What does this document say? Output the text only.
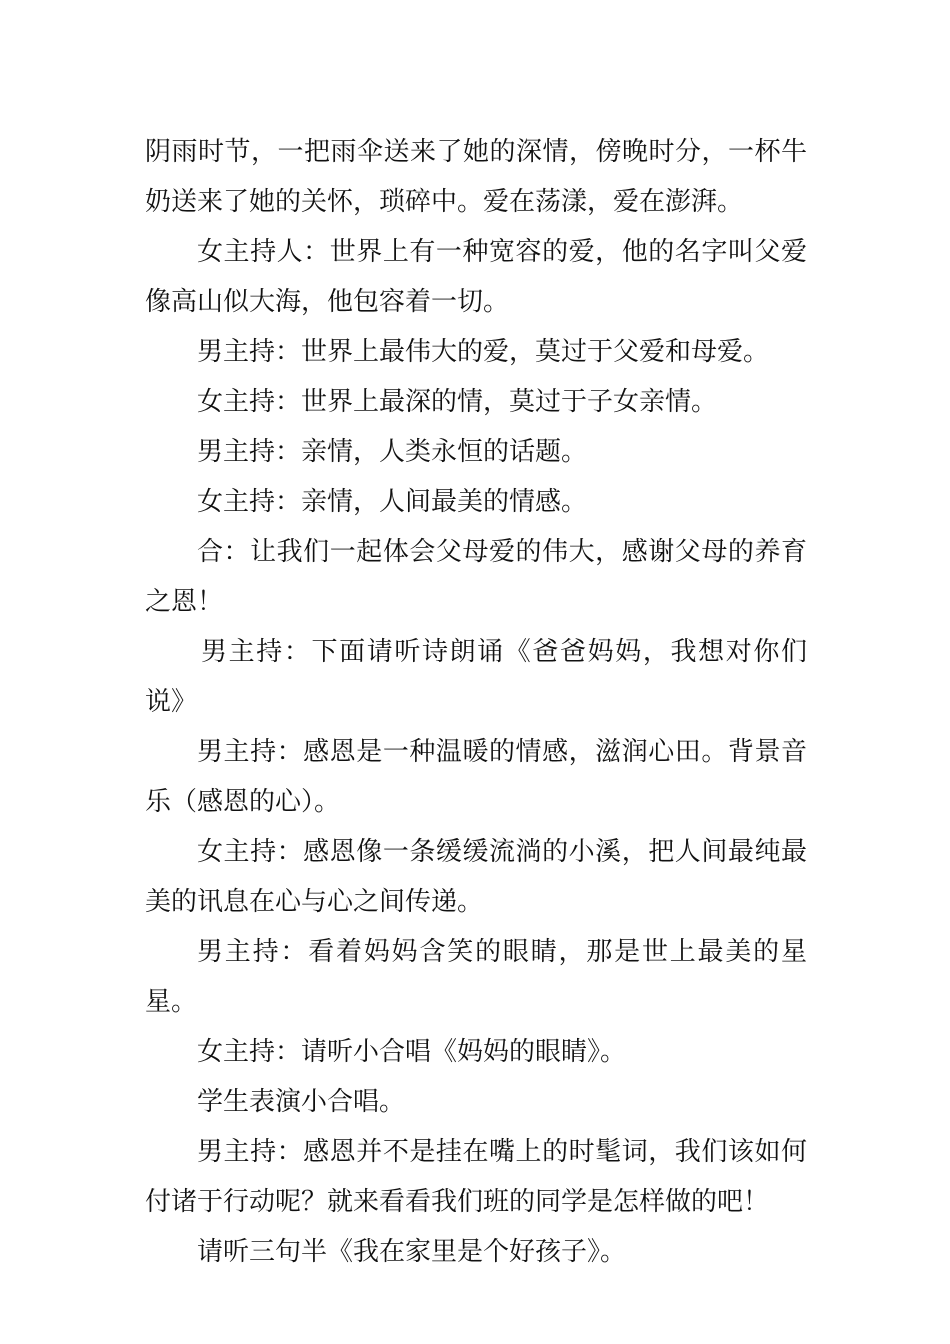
阴雨时节，一把雨伞送来了她的深情，傍晚时分，一杯牛奶送来了她的关怀，琐碎中。爱在荡漾，爱在澎湃。

女主持人：世界上有一种宽容的爱，他的名字叫父爱像高山似大海，他包容着一切。

男主持：世界上最伟大的爱，莫过于父爱和母爱。

女主持：世界上最深的情，莫过于子女亲情。

男主持：亲情，人类永恒的话题。

女主持：亲情，人间最美的情感。

合：让我们一起体会父母爱的伟大，感谢父母的养育之恩！

男主持：下面请听诗朗诵《爸爸妈妈，我想对你们说》

男主持：感恩是一种温暖的情感，滋润心田。背景音乐（感恩的心）。

女主持：感恩像一条缓缓流淌的小溪，把人间最纯最美的讯息在心与心之间传递。

男主持：看着妈妈含笑的眼睛，那是世上最美的星星。

女主持：请听小合唱《妈妈的眼睛》。

学生表演小合唱。

男主持：感恩并不是挂在嘴上的时髦词，我们该如何付诸于行动呢？就来看看我们班的同学是怎样做的吧！

请听三句半《我在家里是个好孩子》。
